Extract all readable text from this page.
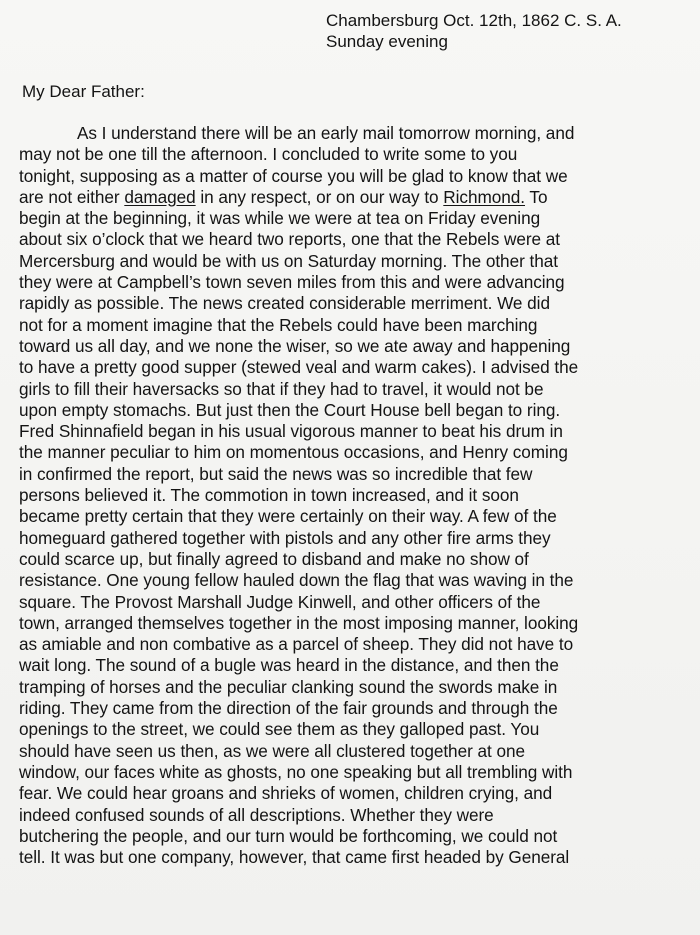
Chambersburg Oct. 12th, 1862 C. S. A.
Sunday evening
My Dear Father:
As I understand there will be an early mail tomorrow morning, and
may not be one till the afternoon. I concluded to write some to you
tonight, supposing as a matter of course you will be glad to know that we
are not either damaged in any respect, or on our way to Richmond. To
begin at the beginning, it was while we were at tea on Friday evening
about six o’clock that we heard two reports, one that the Rebels were at
Mercersburg and would be with us on Saturday morning. The other that
they were at Campbell’s town seven miles from this and were advancing
rapidly as possible. The news created considerable merriment. We did
not for a moment imagine that the Rebels could have been marching
toward us all day, and we none the wiser, so we ate away and happening
to have a pretty good supper (stewed veal and warm cakes). I advised the
girls to fill their haversacks so that if they had to travel, it would not be
upon empty stomachs. But just then the Court House bell began to ring.
Fred Shinnafield began in his usual vigorous manner to beat his drum in
the manner peculiar to him on momentous occasions, and Henry coming
in confirmed the report, but said the news was so incredible that few
persons believed it. The commotion in town increased, and it soon
became pretty certain that they were certainly on their way. A few of the
homeguard gathered together with pistols and any other fire arms they
could scarce up, but finally agreed to disband and make no show of
resistance. One young fellow hauled down the flag that was waving in the
square. The Provost Marshall Judge Kinwell, and other officers of the
town, arranged themselves together in the most imposing manner, looking
as amiable and non combative as a parcel of sheep. They did not have to
wait long. The sound of a bugle was heard in the distance, and then the
tramping of horses and the peculiar clanking sound the swords make in
riding. They came from the direction of the fair grounds and through the
openings to the street, we could see them as they galloped past. You
should have seen us then, as we were all clustered together at one
window, our faces white as ghosts, no one speaking but all trembling with
fear. We could hear groans and shrieks of women, children crying, and
indeed confused sounds of all descriptions. Whether they were
butchering the people, and our turn would be forthcoming, we could not
tell. It was but one company, however, that came first headed by General
